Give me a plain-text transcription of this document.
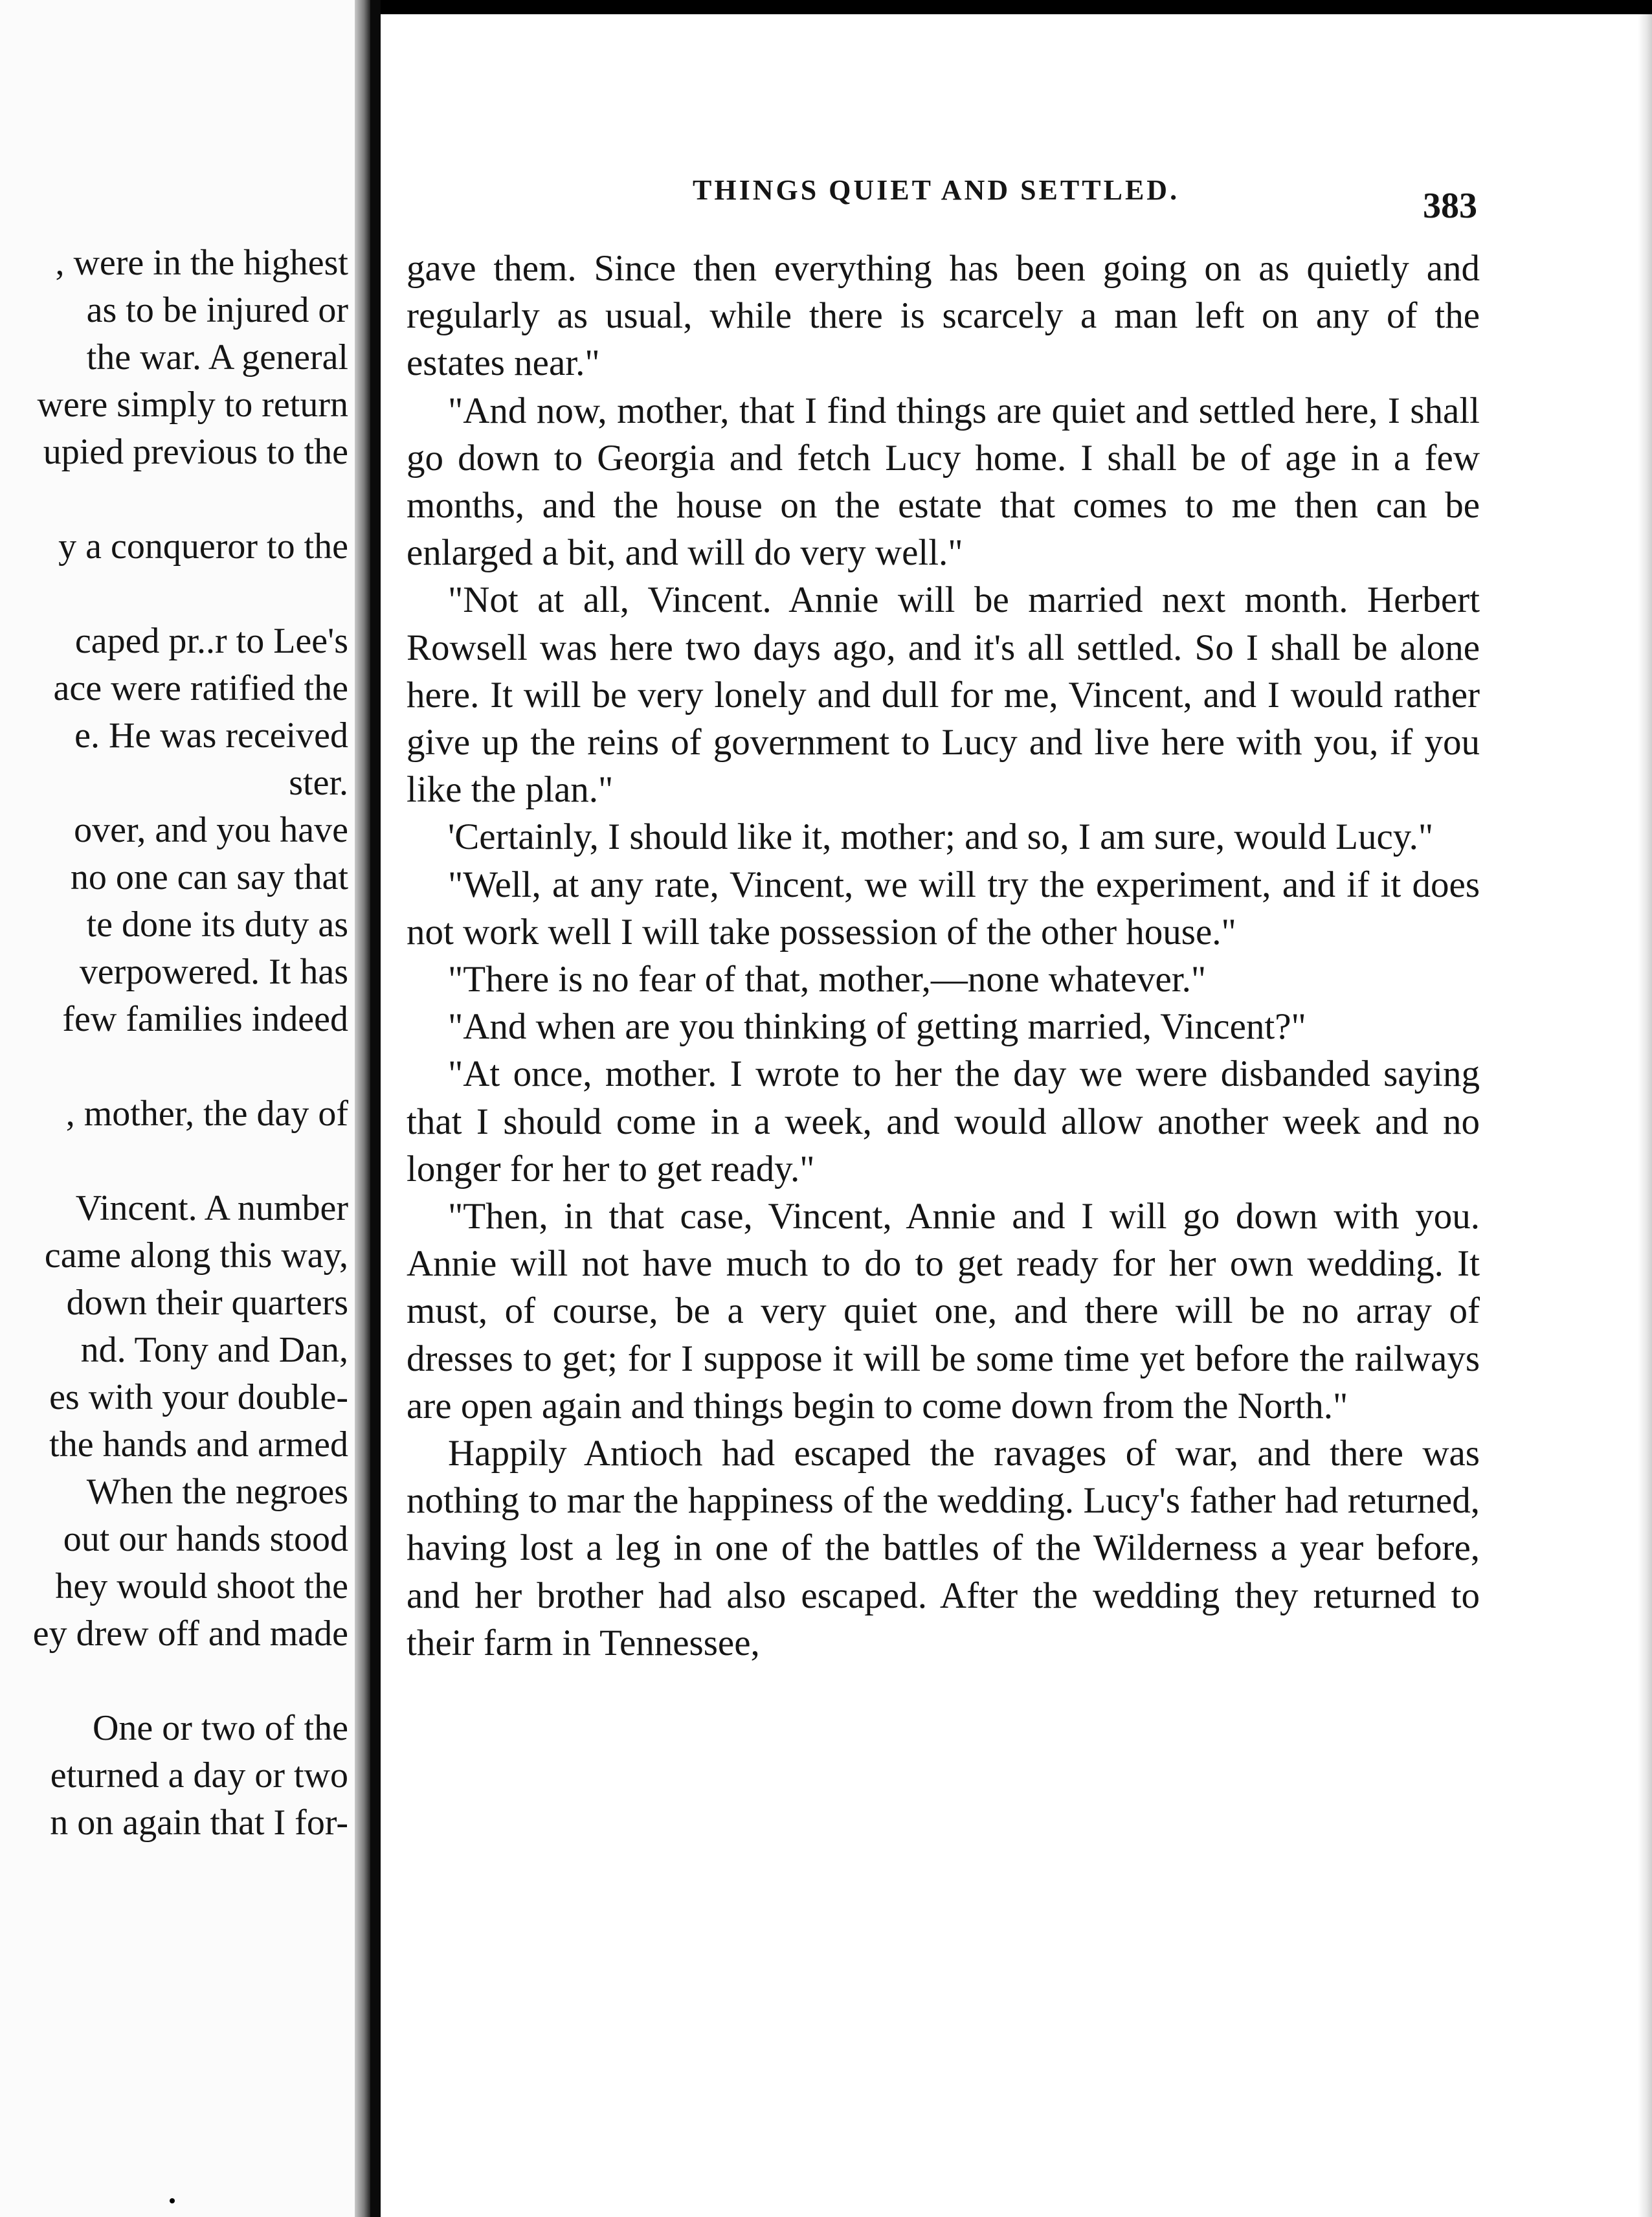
, were in the highest
as to be injured or
the war. A general
were simply to return
upied previous to the
y a conqueror to the
caped pr..r to Lee's
ace were ratified the
e. He was received
ster.
over, and you have
no one can say that
te done its duty as
verpowered. It has
few families indeed
, mother, the day of
Vincent. A number
came along this way,
down their quarters
nd. Tony and Dan,
es with your double-
the hands and armed
When the negroes
out our hands stood
hey would shoot the
ey drew off and made
One or two of the
eturned a day or two
n on again that I for-
THINGS QUIET AND SETTLED.	383

gave them. Since then everything has been going on as quietly and regularly as usual, while there is scarcely a man left on any of the estates near."

"And now, mother, that I find things are quiet and settled here, I shall go down to Georgia and fetch Lucy home. I shall be of age in a few months, and the house on the estate that comes to me then can be enlarged a bit, and will do very well."

"Not at all, Vincent. Annie will be married next month. Herbert Rowsell was here two days ago, and it's all settled. So I shall be alone here. It will be very lonely and dull for me, Vincent, and I would rather give up the reins of government to Lucy and live here with you, if you like the plan."

'Certainly, I should like it, mother; and so, I am sure, would Lucy."

"Well, at any rate, Vincent, we will try the experiment, and if it does not work well I will take possession of the other house."

"There is no fear of that, mother,—none whatever."

"And when are you thinking of getting married, Vincent?"

"At once, mother. I wrote to her the day we were disbanded saying that I should come in a week, and would allow another week and no longer for her to get ready."

"Then, in that case, Vincent, Annie and I will go down with you. Annie will not have much to do to get ready for her own wedding. It must, of course, be a very quiet one, and there will be no array of dresses to get; for I suppose it will be some time yet before the railways are open again and things begin to come down from the North."

Happily Antioch had escaped the ravages of war, and there was nothing to mar the happiness of the wedding. Lucy's father had returned, having lost a leg in one of the battles of the Wilderness a year before, and her brother had also escaped. After the wedding they returned to their farm in Tennessee,
